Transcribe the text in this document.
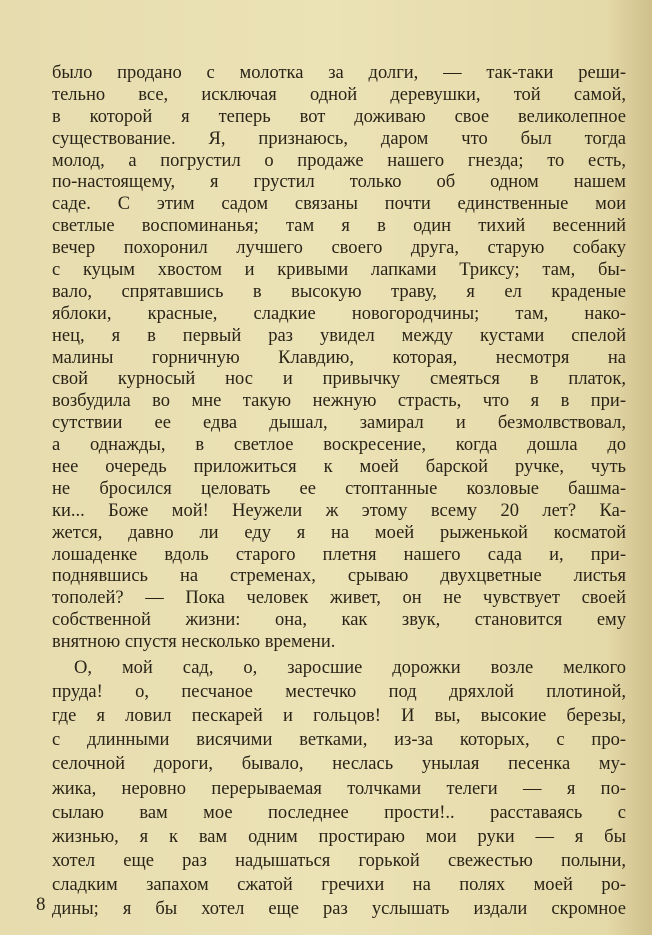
было продано с молотка за долги, — так-таки реши-
тельно все, исключая одной деревушки, той самой,
в которой я теперь вот доживаю свое великолепное
существование. Я, признаюсь, даром что был тогда
молод, а погрустил о продаже нашего гнезда; то есть,
по-настоящему, я грустил только об одном нашем
саде. С этим садом связаны почти единственные мои
светлые воспоминанья; там я в один тихий весенний
вечер похоронил лучшего своего друга, старую собаку
с куцым хвостом и кривыми лапками Триксу; там, бы-
вало, спрятавшись в высокую траву, я ел краденые
яблоки, красные, сладкие новогородчины; там, нако-
нец, я в первый раз увидел между кустами спелой
малины горничную Клавдию, которая, несмотря на
свой курносый нос и привычку смеяться в платок,
возбудила во мне такую нежную страсть, что я в при-
сутствии ее едва дышал, замирал и безмолвствовал,
а однажды, в светлое воскресение, когда дошла до
нее очередь приложиться к моей барской ручке, чуть
не бросился целовать ее стоптанные козловые башма-
ки... Боже мой! Неужели ж этому всему 20 лет? Ка-
жется, давно ли еду я на моей рыженькой косматой
лошаденке вдоль старого плетня нашего сада и, при-
поднявшись на стременах, срываю двухцветные листья
тополей? — Пока человек живет, он не чувствует своей
собственной жизни: она, как звук, становится ему
внятною спустя несколько времени.
О, мой сад, о, заросшие дорожки возле мелкого
пруда! о, песчаное местечко под дряхлой плотиной,
где я ловил пескарей и гольцов! И вы, высокие березы,
с длинными висячими ветками, из-за которых, с про-
селочной дороги, бывало, неслась унылая песенка му-
жика, неровно перерываемая толчками телеги — я по-
сылаю вам мое последнее прости!.. расставаясь с
жизнью, я к вам одним простираю мои руки — я бы
хотел еще раз надышаться горькой свежестью полыни,
сладким запахом сжатой гречихи на полях моей ро-
дины; я бы хотел еще раз услышать издали скромное
8
